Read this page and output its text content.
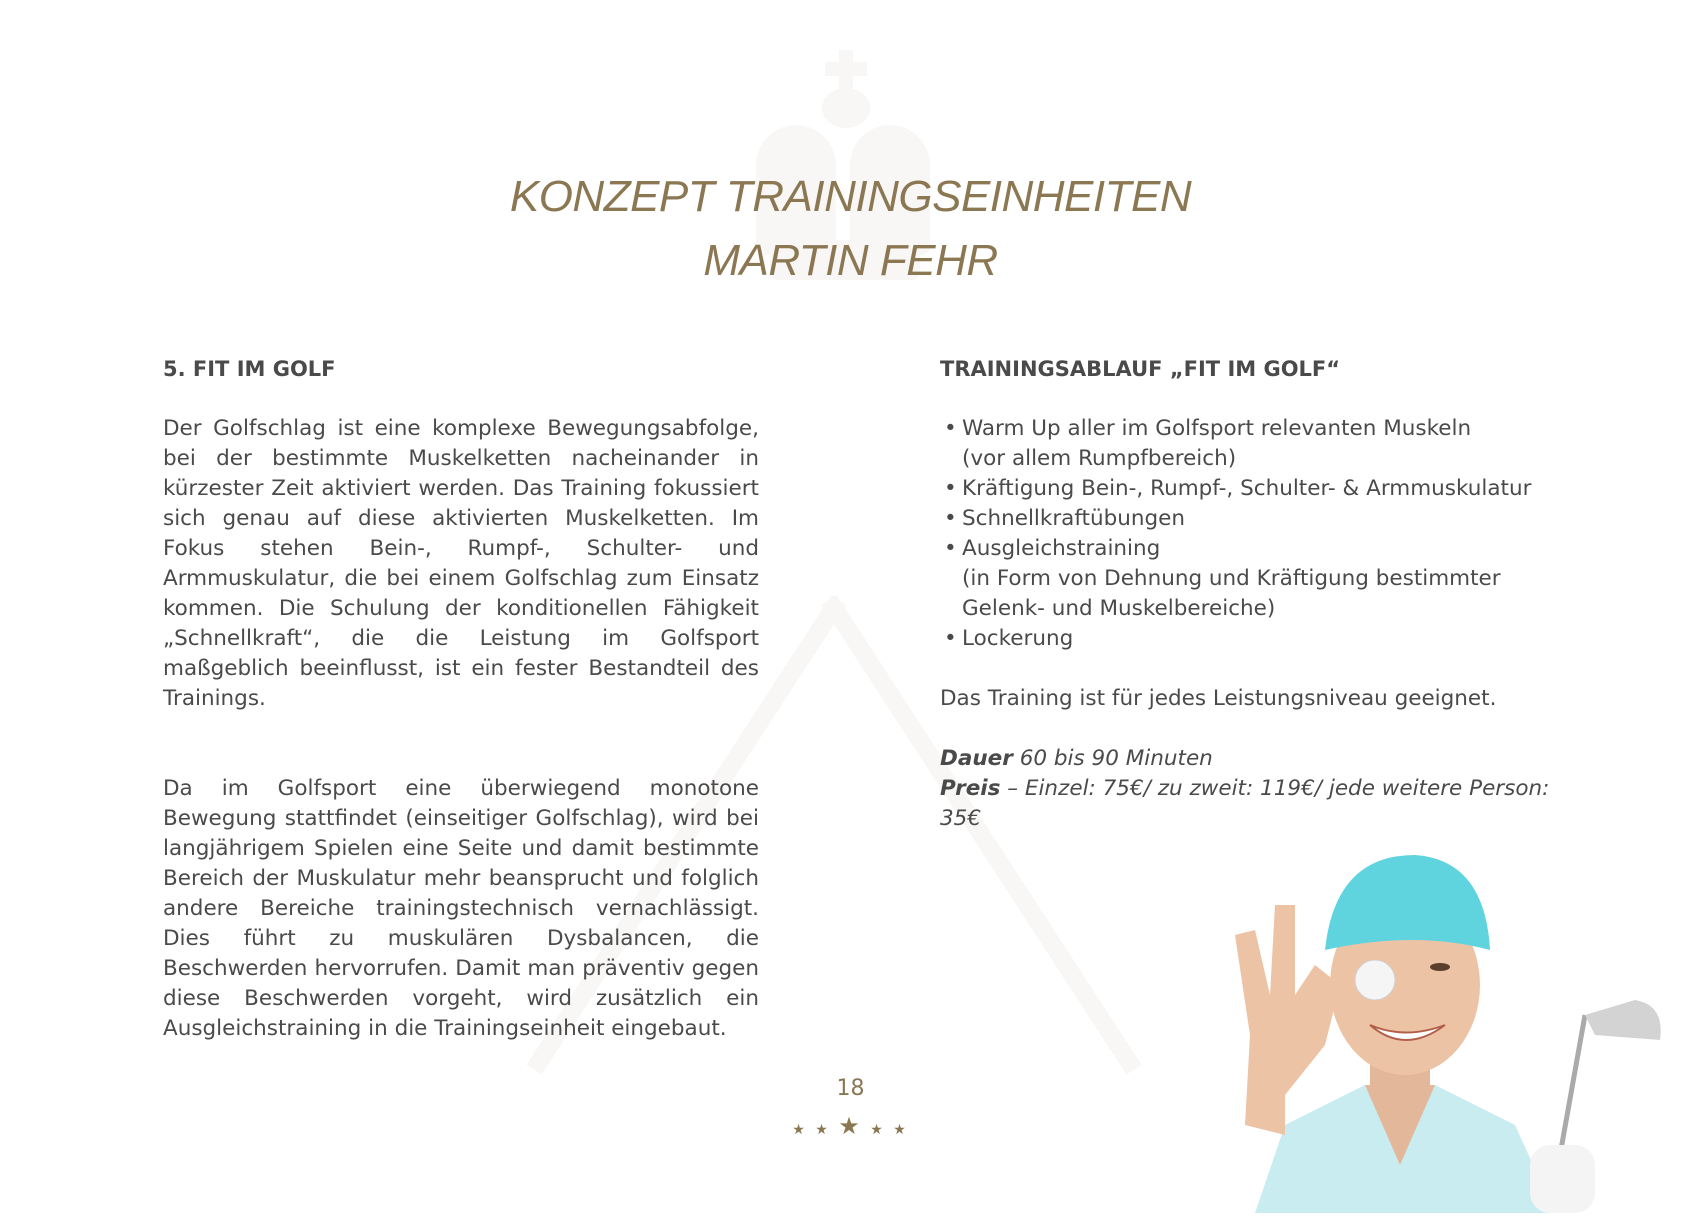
KONZEPT TRAININGSEINHEITEN
MARTIN FEHR
5. FIT IM GOLF

Der Golfschlag ist eine komplexe Bewegungsabfolge, bei der bestimmte Muskelketten nacheinander in kürzester Zeit aktiviert werden. Das Training fokussiert sich genau auf diese aktivierten Muskelketten. Im Fokus stehen Bein-, Rumpf-, Schulter- und Armmuskulatur, die bei einem Golfschlag zum Einsatz kommen. Die Schulung der konditionellen Fähigkeit „Schnellkraft“, die die Leistung im Golfsport maßgeblich beeinflusst, ist ein fester Bestandteil des Trainings.

Da im Golfsport eine überwiegend monotone Bewegung stattfindet (einseitiger Golfschlag), wird bei langjährigem Spielen eine Seite und damit bestimmte Bereich der Muskulatur mehr beansprucht und folglich andere Bereiche trainingstechnisch vernachlässigt. Dies führt zu muskulären Dysbalancen, die Beschwerden hervorrufen. Damit man präventiv gegen diese Beschwerden vorgeht, wird zusätzlich ein Ausgleichstraining in die Trainingseinheit eingebaut.

TRAININGSABLAUF „FIT IM GOLF“
• Warm Up aller im Golfsport relevanten Muskeln
(vor allem Rumpfbereich)
• Kräftigung Bein-, Rumpf-, Schulter- & Armmuskulatur
• Schnellkraftübungen
• Ausgleichstraining
(in Form von Dehnung und Kräftigung bestimmter
Gelenk- und Muskelbereiche)
• Lockerung

Das Training ist für jedes Leistungsniveau geeignet.

Dauer 60 bis 90 Minuten
Preis – Einzel: 75€/ zu zweit: 119€/ jede weitere Person: 35€
18
★ ★ ★ ★ ★
